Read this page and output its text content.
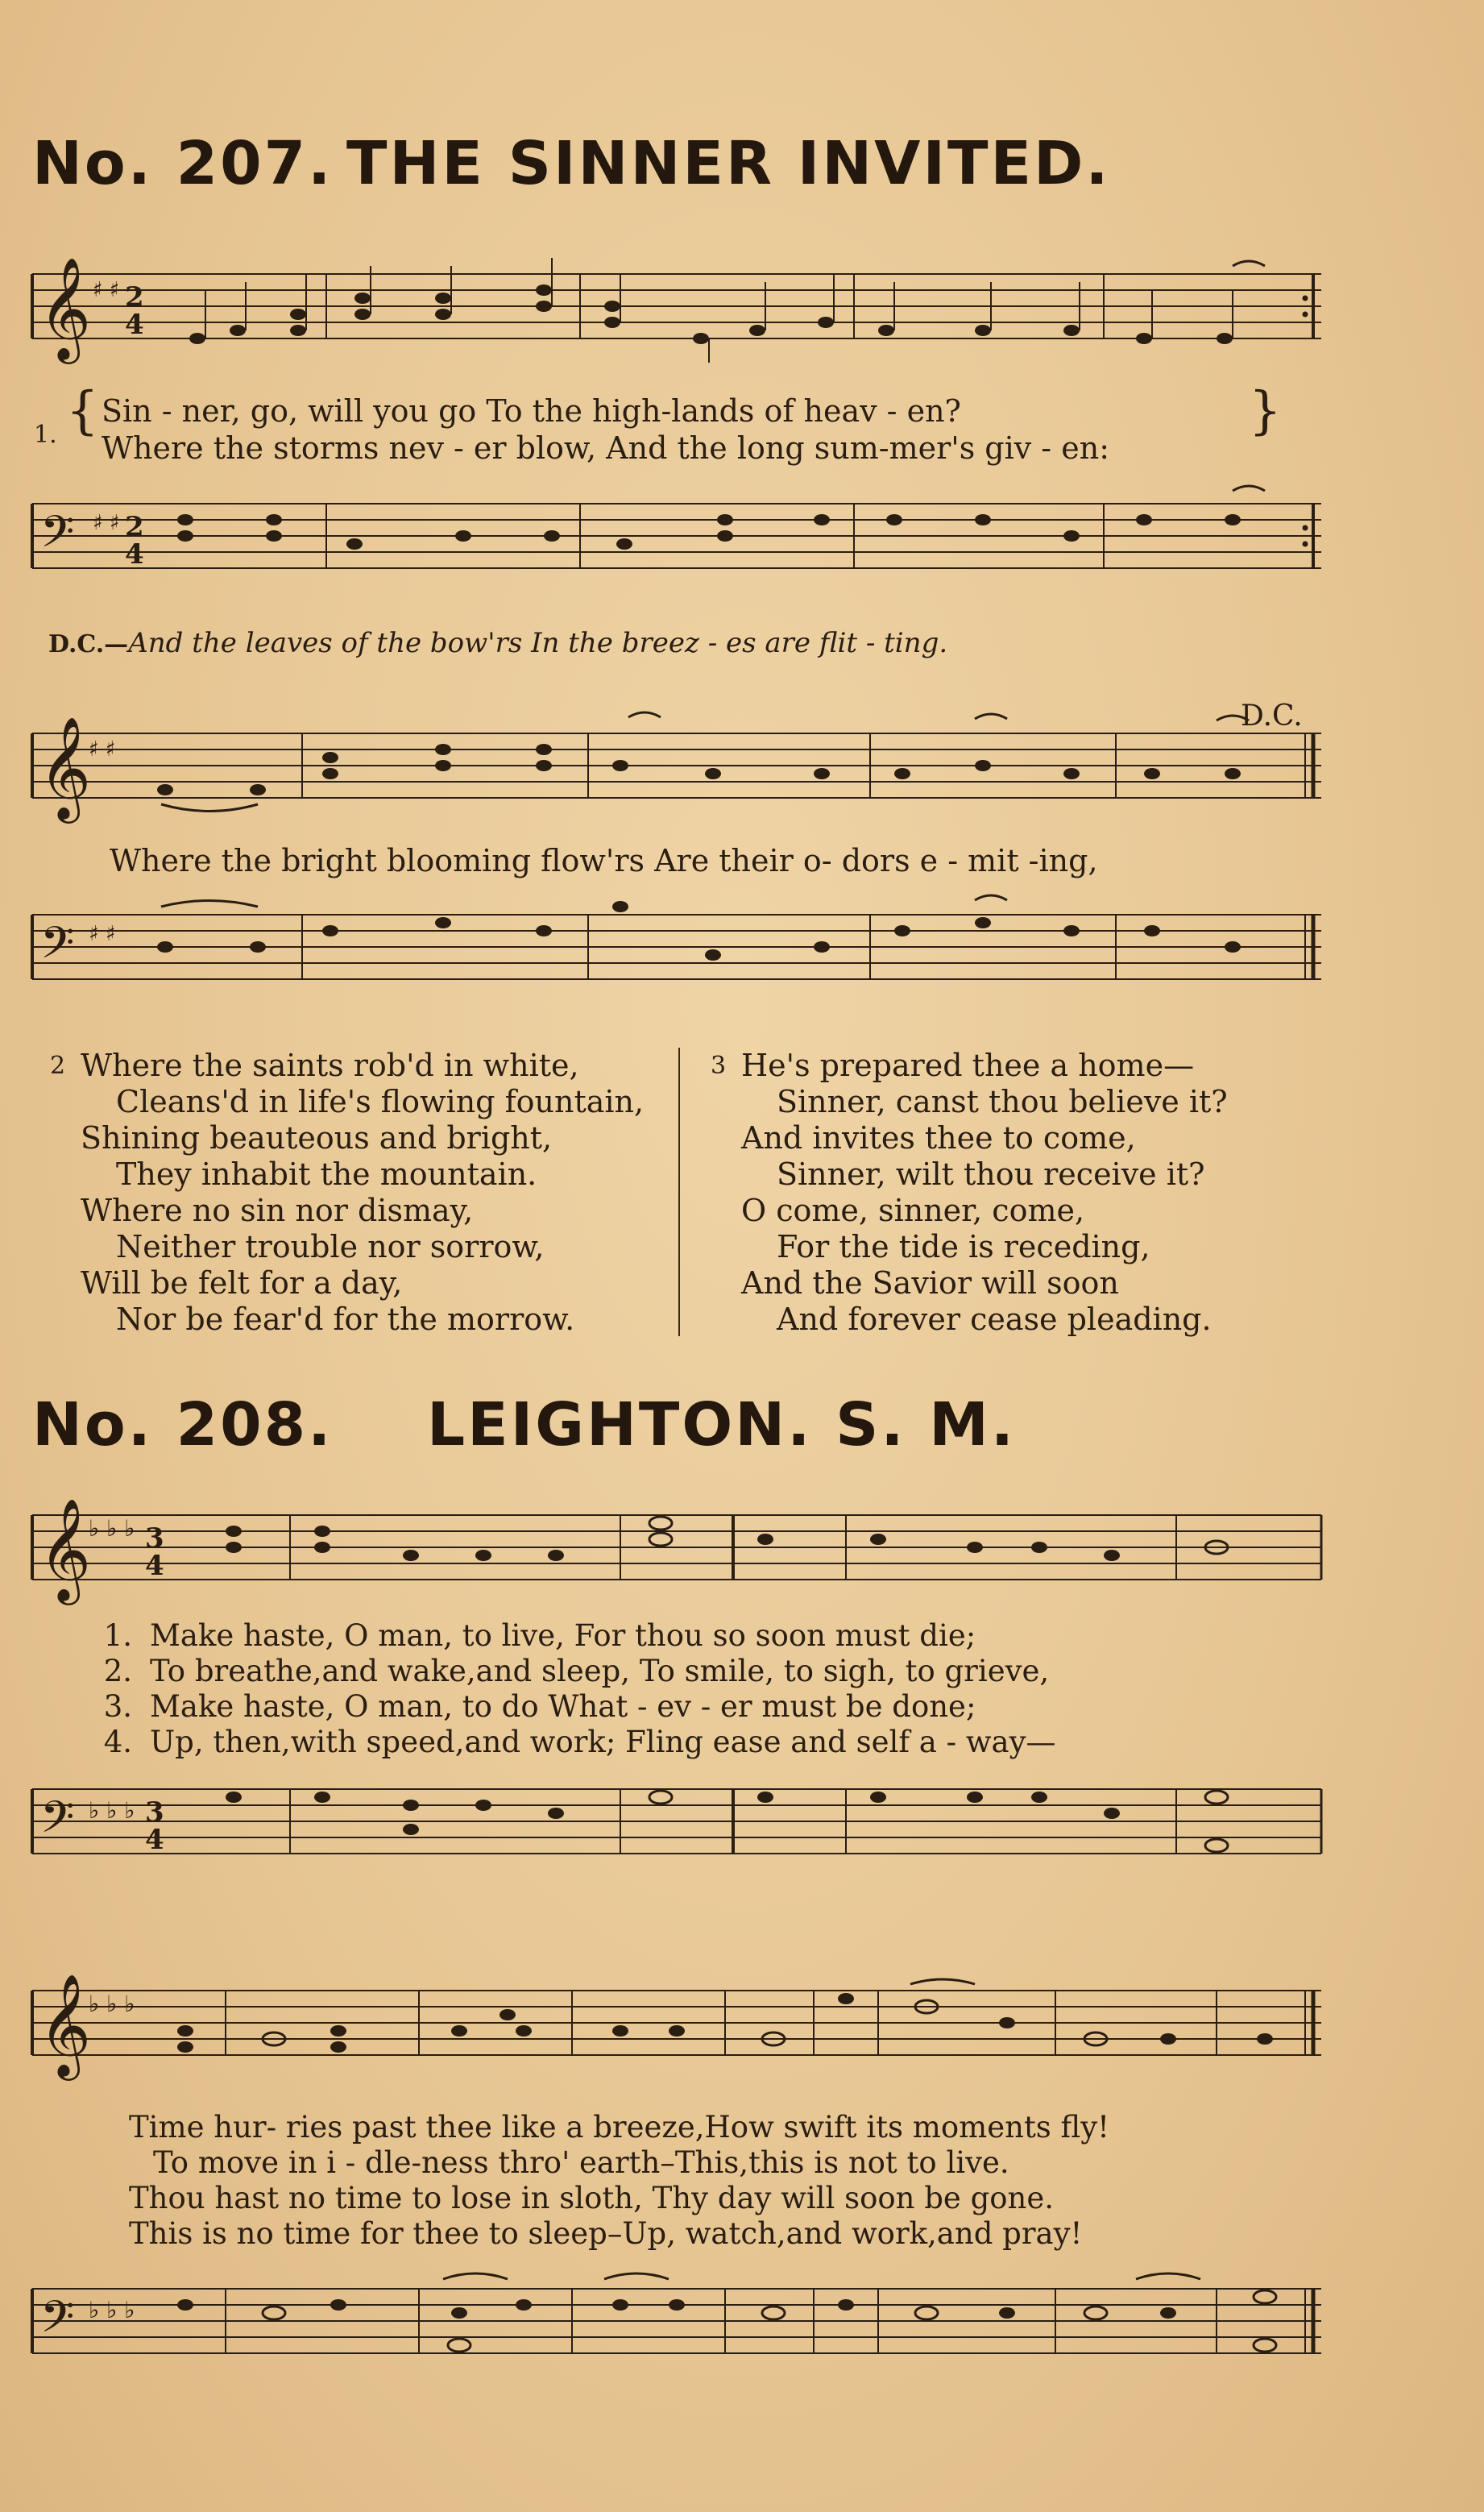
No. 207. THE SINNER INVITED.
𝄞 ♯ ♯ 2
4
1. { Sin - ner, go, will you go To the high-lands of heav - en?
Where the storms nev - er blow, And the long sum-mer's giv - en:
}
𝄢 ♯ ♯ 2
4
D.C.—And the leaves of the bow'rs In the breez - es are flit - ting.
𝄞
♯ ♯
D.C.
Where the bright blooming flow'rs Are their o- dors e - mit -ing,
𝄢 ♯ ♯
2 Where the saints rob'd in white,
Cleans'd in life's flowing fountain,
Shining beauteous and bright,
They inhabit the mountain.
Where no sin nor dismay,
Neither trouble nor sorrow,
Will be felt for a day,
Nor be fear'd for the morrow.
3 He's prepared thee a home—
Sinner, canst thou believe it?
And invites thee to come,
Sinner, wilt thou receive it?
O come, sinner, come,
For the tide is receding,
And the Savior will soon
And forever cease pleading.
No. 208. LEIGHTON. S. M.
𝄞
♭ ♭ ♭ 3
4
1. Make haste, O man, to live, For thou so soon must die;
2. To breathe,and wake,and sleep, To smile, to sigh, to grieve,
3. Make haste, O man, to do What - ev - er must be done;
4. Up, then,with speed,and work; Fling ease and self a - way—
𝄢 ♭ ♭ ♭ 3
4
𝄞
♭ ♭ ♭
Time hur- ries past thee like a breeze,How swift its moments fly!
To move in i - dle-ness thro' earth–This,this is not to live.
Thou hast no time to lose in sloth, Thy day will soon be gone.
This is no time for thee to sleep–Up, watch,and work,and pray!
𝄢 ♭ ♭ ♭
